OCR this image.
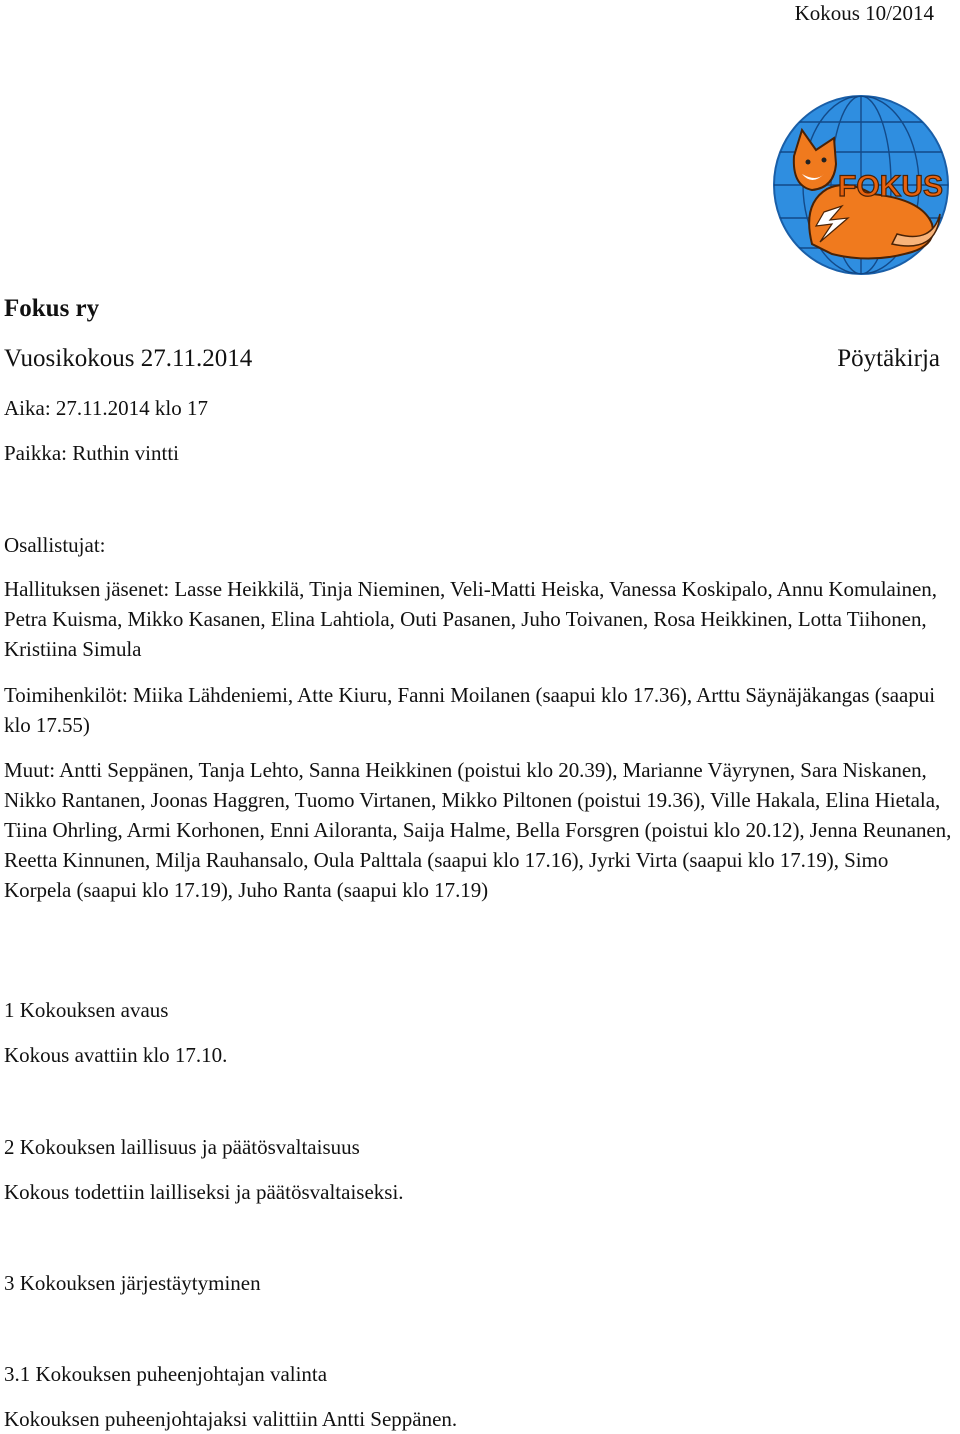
Kokous 10/2014
FOKUS
Fokus ry
Vuosikokous 27.11.2014	Pöytäkirja
Aika: 27.11.2014 klo 17
Paikka: Ruthin vintti
Osallistujat:
Hallituksen jäsenet: Lasse Heikkilä, Tinja Nieminen, Veli-Matti Heiska, Vanessa Koskipalo, Annu Komulainen, Petra Kuisma, Mikko Kasanen, Elina Lahtiola, Outi Pasanen, Juho Toivanen, Rosa Heikkinen, Lotta Tiihonen, Kristiina Simula
Toimihenkilöt: Miika Lähdeniemi, Atte Kiuru, Fanni Moilanen (saapui klo 17.36), Arttu Säynäjäkangas (saapui klo 17.55)
Muut: Antti Seppänen, Tanja Lehto, Sanna Heikkinen (poistui klo 20.39), Marianne Väyrynen, Sara Niskanen, Nikko Rantanen, Joonas Haggren, Tuomo Virtanen, Mikko Piltonen (poistui 19.36), Ville Hakala, Elina Hietala, Tiina Ohrling, Armi Korhonen, Enni Ailoranta, Saija Halme, Bella Forsgren (poistui klo 20.12), Jenna Reunanen, Reetta Kinnunen, Milja Rauhansalo, Oula Palttala (saapui klo 17.16), Jyrki Virta (saapui klo 17.19), Simo Korpela (saapui klo 17.19), Juho Ranta (saapui klo 17.19)
1 Kokouksen avaus
Kokous avattiin klo 17.10.
2 Kokouksen laillisuus ja päätösvaltaisuus
Kokous todettiin lailliseksi ja päätösvaltaiseksi.
3 Kokouksen järjestäytyminen
3.1 Kokouksen puheenjohtajan valinta
Kokouksen puheenjohtajaksi valittiin Antti Seppänen.
